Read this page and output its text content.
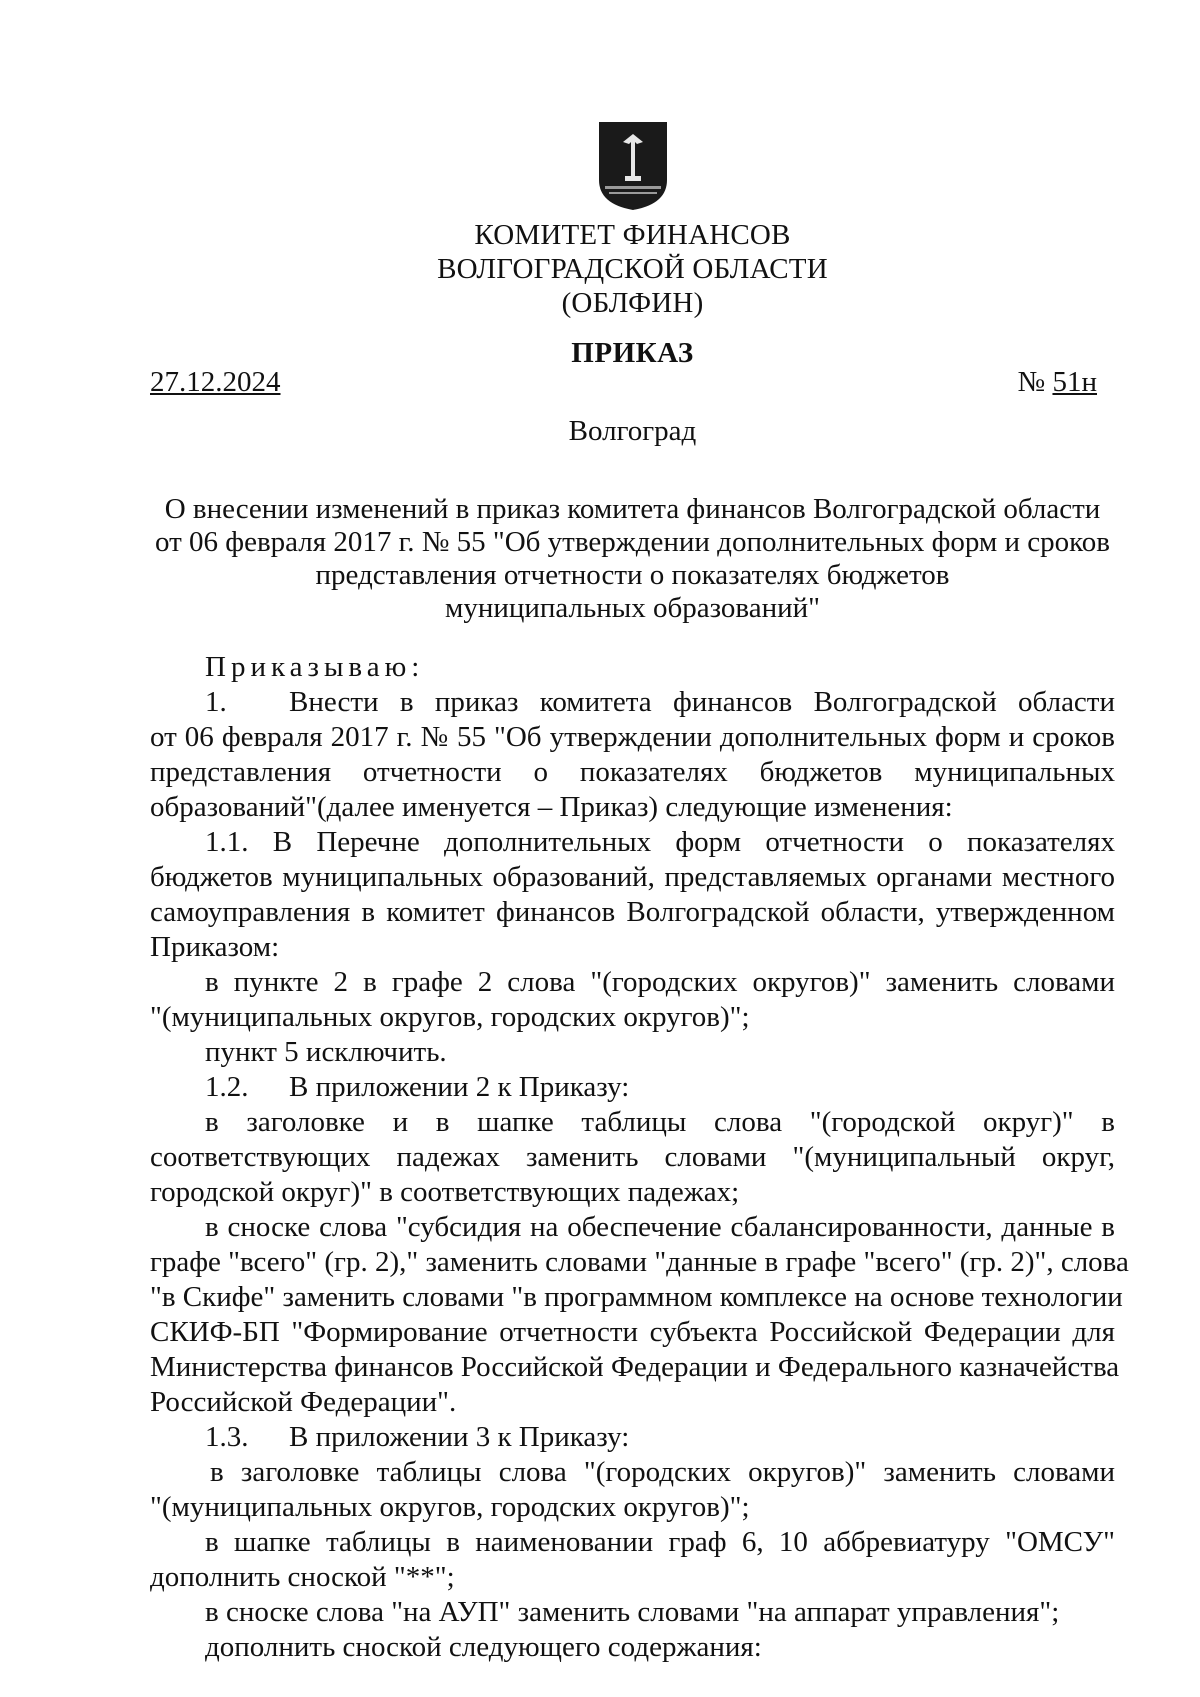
КОМИТЕТ ФИНАНСОВ
ВОЛГОГРАДСКОЙ ОБЛАСТИ
(ОБЛФИН)
ПРИКАЗ
27.12.2024	№ 51н
Волгоград
О внесении изменений в приказ комитета финансов Волгоградской области
от 06 февраля 2017 г. № 55 "Об утверждении дополнительных форм и сроков
представления отчетности о показателях бюджетов
муниципальных образований"
Приказываю:
1. Внести в приказ комитета финансов Волгоградской области
от 06 февраля 2017 г. № 55 "Об утверждении дополнительных форм и сроков
представления отчетности о показателях бюджетов муниципальных
образований"(далее именуется – Приказ) следующие изменения:
1.1. В Перечне дополнительных форм отчетности о показателях
бюджетов муниципальных образований, представляемых органами местного
самоуправления в комитет финансов Волгоградской области, утвержденном
Приказом:
в пункте 2 в графе 2 слова "(городских округов)" заменить словами
"(муниципальных округов, городских округов)";
пункт 5 исключить.
1.2. В приложении 2 к Приказу:
в заголовке и в шапке таблицы слова "(городской округ)" в
соответствующих падежах заменить словами "(муниципальный округ,
городской округ)" в соответствующих падежах;
в сноске слова "субсидия на обеспечение сбалансированности, данные в
графе "всего" (гр. 2)," заменить словами "данные в графе "всего" (гр. 2)", слова
"в Скифе" заменить словами "в программном комплексе на основе технологии
СКИФ-БП "Формирование отчетности субъекта Российской Федерации для
Министерства финансов Российской Федерации и Федерального казначейства
Российской Федерации".
1.3. В приложении 3 к Приказу:
в заголовке таблицы слова "(городских округов)" заменить словами
"(муниципальных округов, городских округов)";
в шапке таблицы в наименовании граф 6, 10 аббревиатуру "ОМСУ"
дополнить сноской "**";
в сноске слова "на АУП" заменить словами "на аппарат управления";
дополнить сноской следующего содержания:
